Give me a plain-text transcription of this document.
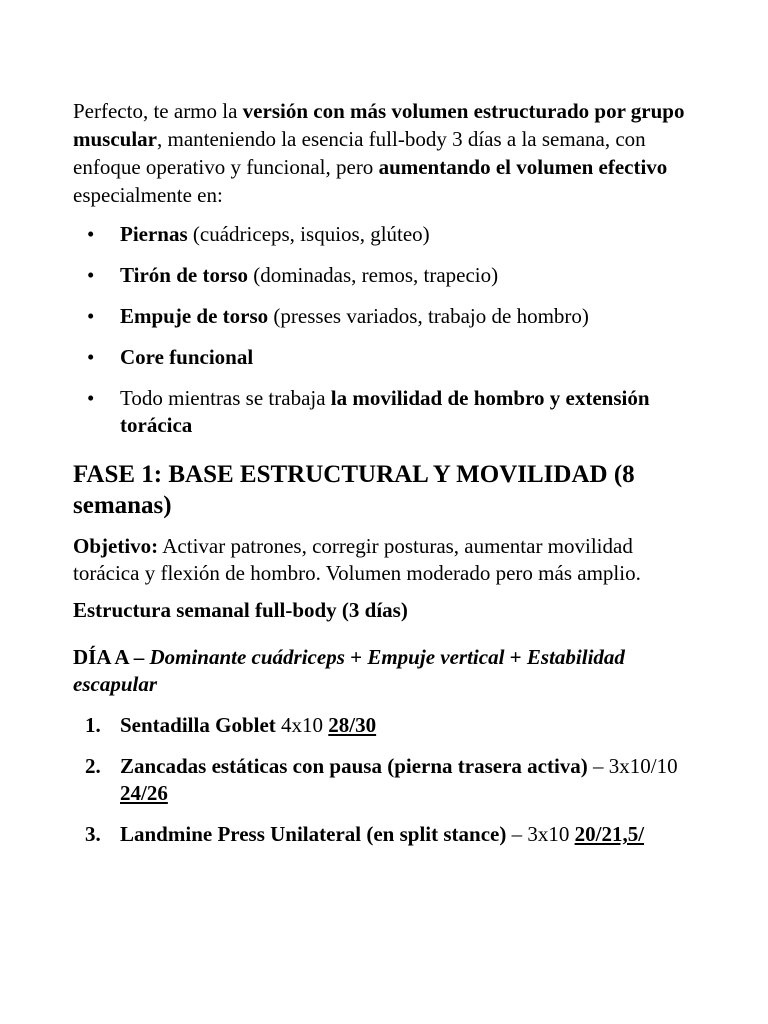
Perfecto, te armo la versión con más volumen estructurado por grupo muscular, manteniendo la esencia full-body 3 días a la semana, con enfoque operativo y funcional, pero aumentando el volumen efectivo especialmente en:

• Piernas (cuádriceps, isquios, glúteo)
• Tirón de torso (dominadas, remos, trapecio)
• Empuje de torso (presses variados, trabajo de hombro)
• Core funcional
• Todo mientras se trabaja la movilidad de hombro y extensión torácica
FASE 1: BASE ESTRUCTURAL Y MOVILIDAD (8 semanas)

Objetivo: Activar patrones, corregir posturas, aumentar movilidad torácica y flexión de hombro. Volumen moderado pero más amplio.

Estructura semanal full-body (3 días)

DÍA A – Dominante cuádriceps + Empuje vertical + Estabilidad escapular
1. Sentadilla Goblet 4x10 28/30
2. Zancadas estáticas con pausa (pierna trasera activa) – 3x10/10 24/26
3. Landmine Press Unilateral (en split stance) – 3x10 20/21,5/
